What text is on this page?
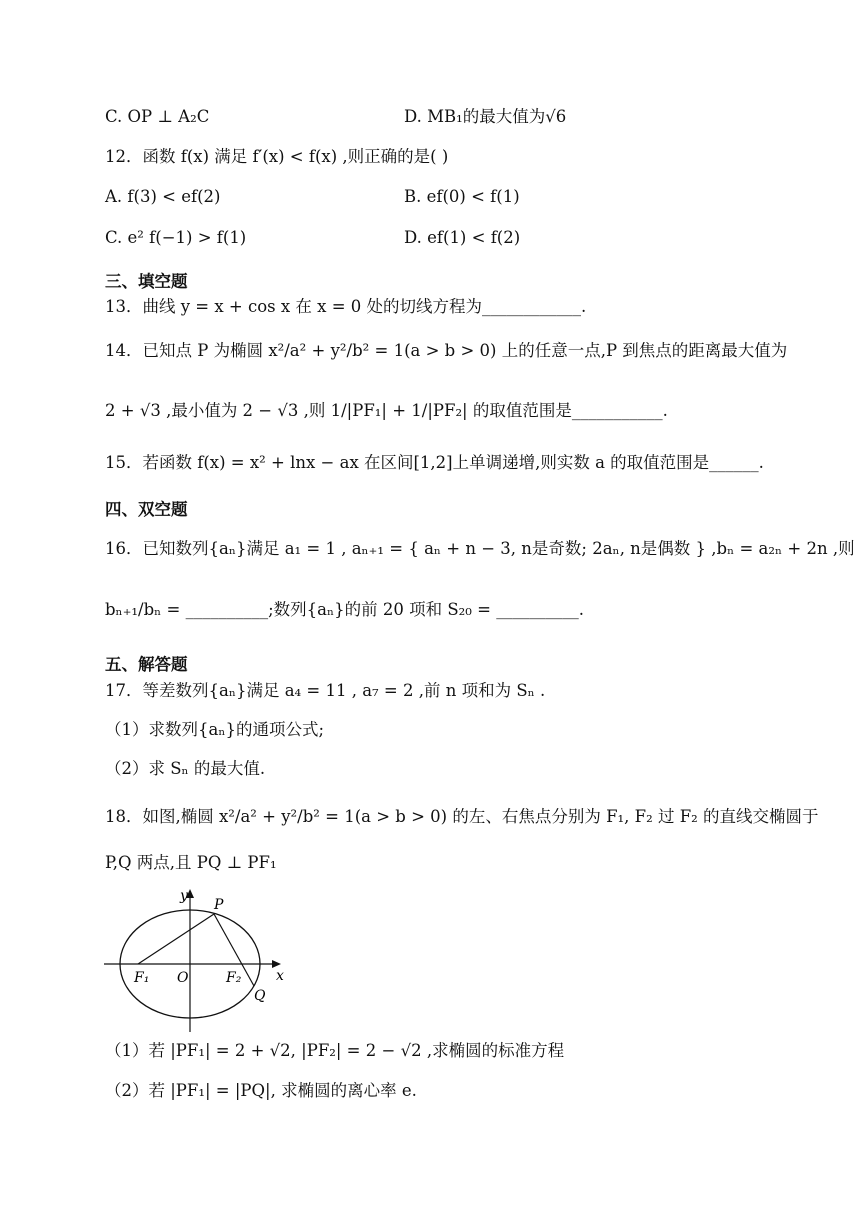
C. OP ⊥ A₂C	D. MB₁的最大值为√6
12．函数 f(x) 满足 f′(x) < f(x) ,则正确的是( )
A. f(3) < ef(2)	B. ef(0) < f(1)
C. e² f(−1) > f(1)	D. ef(1) < f(2)
三、填空题
13．曲线 y = x + cos x 在 x = 0 处的切线方程为____________.
14．已知点 P 为椭圆 x²/a² + y²/b² = 1(a > b > 0) 上的任意一点,P 到焦点的距离最大值为
2 + √3 ,最小值为 2 − √3 ,则 1/|PF₁| + 1/|PF₂| 的取值范围是___________.
15．若函数 f(x) = x² + lnx − ax 在区间[1,2]上单调递增,则实数 a 的取值范围是______.
四、双空题
16．已知数列{aₙ}满足 a₁ = 1 , aₙ₊₁ = { aₙ + n − 3, n是奇数; 2aₙ, n是偶数 } ,bₙ = a₂ₙ + 2n ,则
bₙ₊₁/bₙ = __________;数列{aₙ}的前 20 项和 S₂₀ = __________.
五、解答题
17．等差数列{aₙ}满足 a₄ = 11 , a₇ = 2 ,前 n 项和为 Sₙ .
（1）求数列{aₙ}的通项公式;
（2）求 Sₙ 的最大值.
18．如图,椭圆 x²/a² + y²/b² = 1(a > b > 0) 的左、右焦点分别为 F₁, F₂ 过 F₂ 的直线交椭圆于
P,Q 两点,且 PQ ⊥ PF₁
y
x
P
Q
O
F₁	F₂
（1）若 |PF₁| = 2 + √2, |PF₂| = 2 − √2 ,求椭圆的标准方程
（2）若 |PF₁| = |PQ|, 求椭圆的离心率 e.
